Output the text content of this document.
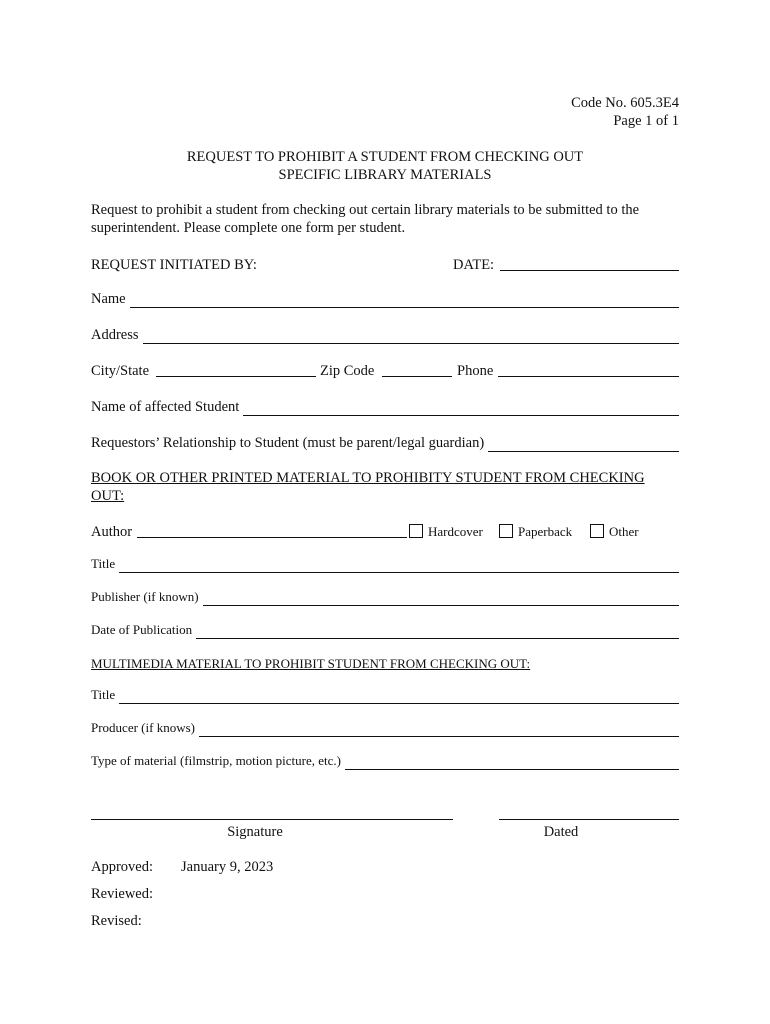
Code No. 605.3E4
Page 1 of 1
REQUEST TO PROHIBIT A STUDENT FROM CHECKING OUT
SPECIFIC LIBRARY MATERIALS
Request to prohibit a student from checking out certain library materials to be submitted to the
superintendent. Please complete one form per student.
REQUEST INITIATED BY:	DATE:
Name
Address
City/State	Zip Code	Phone
Name of affected Student
Requestors’ Relationship to Student (must be parent/legal guardian)
BOOK OR OTHER PRINTED MATERIAL TO PROHIBITY STUDENT FROM CHECKING
OUT:
Author	Hardcover	Paperback	Other
Title
Publisher (if known)
Date of Publication
MULTIMEDIA MATERIAL TO PROHIBIT STUDENT FROM CHECKING OUT:
Title
Producer (if knows)
Type of material (filmstrip, motion picture, etc.)
Signature	Dated
Approved: January 9, 2023
Reviewed:
Revised:
